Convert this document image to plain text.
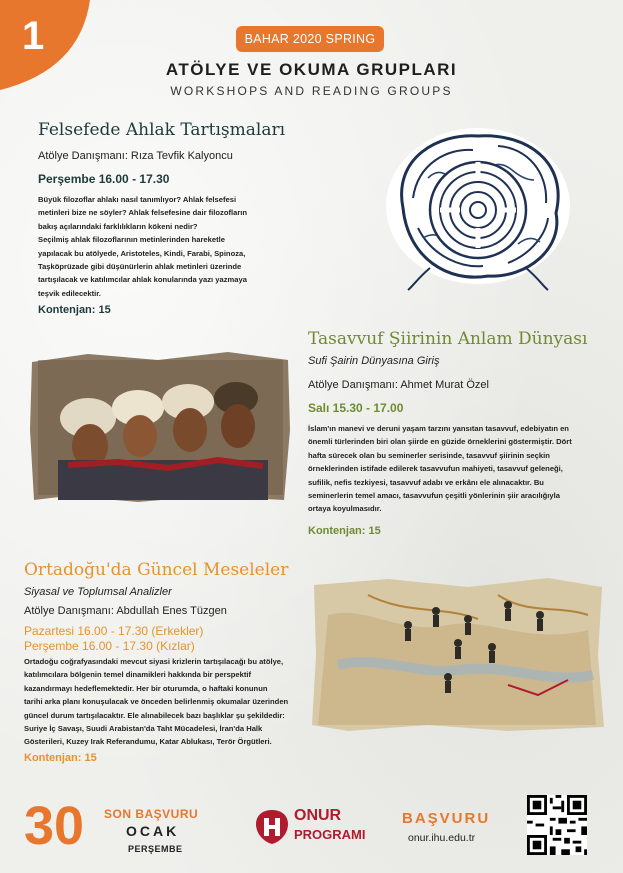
1	BAHAR 2020 SPRING
ATÖLYE VE OKUMA GRUPLARI
WORKSHOPS AND READING GROUPS
Felsefede Ahlak Tartışmaları
Atölye Danışmanı: Rıza Tevfik Kalyoncu
Perşembe 16.00 - 17.30
Büyük filozoflar ahlakı nasıl tanımlıyor? Ahlak felsefesi
metinleri bize ne söyler? Ahlak felsefesine dair filozofların
bakış açılarındaki farklılıkların kökeni nedir?
Seçilmiş ahlak filozoflarının metinlerinden hareketle
yapılacak bu atölyede, Aristoteles, Kindi, Farabi, Spinoza,
Taşköprüzade gibi düşünürlerin ahlak metinleri üzerinde
tartışılacak ve katılımcılar ahlak konularında yazı yazmaya
teşvik edilecektir.
Kontenjan: 15
Tasavvuf Şiirinin Anlam Dünyası
Sufi Şairin Dünyasına Giriş
Atölye Danışmanı: Ahmet Murat Özel
Salı 15.30 - 17.00
İslam'ın manevi ve deruni yaşam tarzını yansıtan tasavvuf, edebiyatın en
önemli türlerinden biri olan şiirde en güzide örneklerini göstermiştir. Dört
hafta sürecek olan bu seminerler serisinde, tasavvuf şiirinin seçkin
örneklerinden istifade edilerek tasavvufun mahiyeti, tasavvuf geleneği,
sufilik, nefis tezkiyesi, tasavvuf adabı ve erkânı ele alınacaktır. Bu
seminerlerin temel amacı, tasavvufun çeşitli yönlerinin şiir aracılığıyla
ortaya koyulmasıdır.
Kontenjan: 15
Ortadoğu'da Güncel Meseleler
Siyasal ve Toplumsal Analizler
Atölye Danışmanı: Abdullah Enes Tüzgen
Pazartesi 16.00 - 17.30 (Erkekler)
Perşembe 16.00 - 17.30 (Kızlar)
Ortadoğu coğrafyasındaki mevcut siyasi krizlerin tartışılacağı bu atölye,
katılımcılara bölgenin temel dinamikleri hakkında bir perspektif
kazandırmayı hedeflemektedir. Her bir oturumda, o haftaki konunun
tarihi arka planı konuşulacak ve önceden belirlenmiş okumalar üzerinden
güncel durum tartışılacaktır. Ele alınabilecek bazı başlıklar şu şekildedir:
Suriye İç Savaşı, Suudi Arabistan'da Taht Mücadelesi, İran'da Halk
Gösterileri, Kuzey Irak Referandumu, Katar Ablukası, Terör Örgütleri.
Kontenjan: 15
30 SON BAŞVURU
OCAK
PERŞEMBE
ONUR
PROGRAMI
BAŞVURU
onur.ihu.edu.tr
